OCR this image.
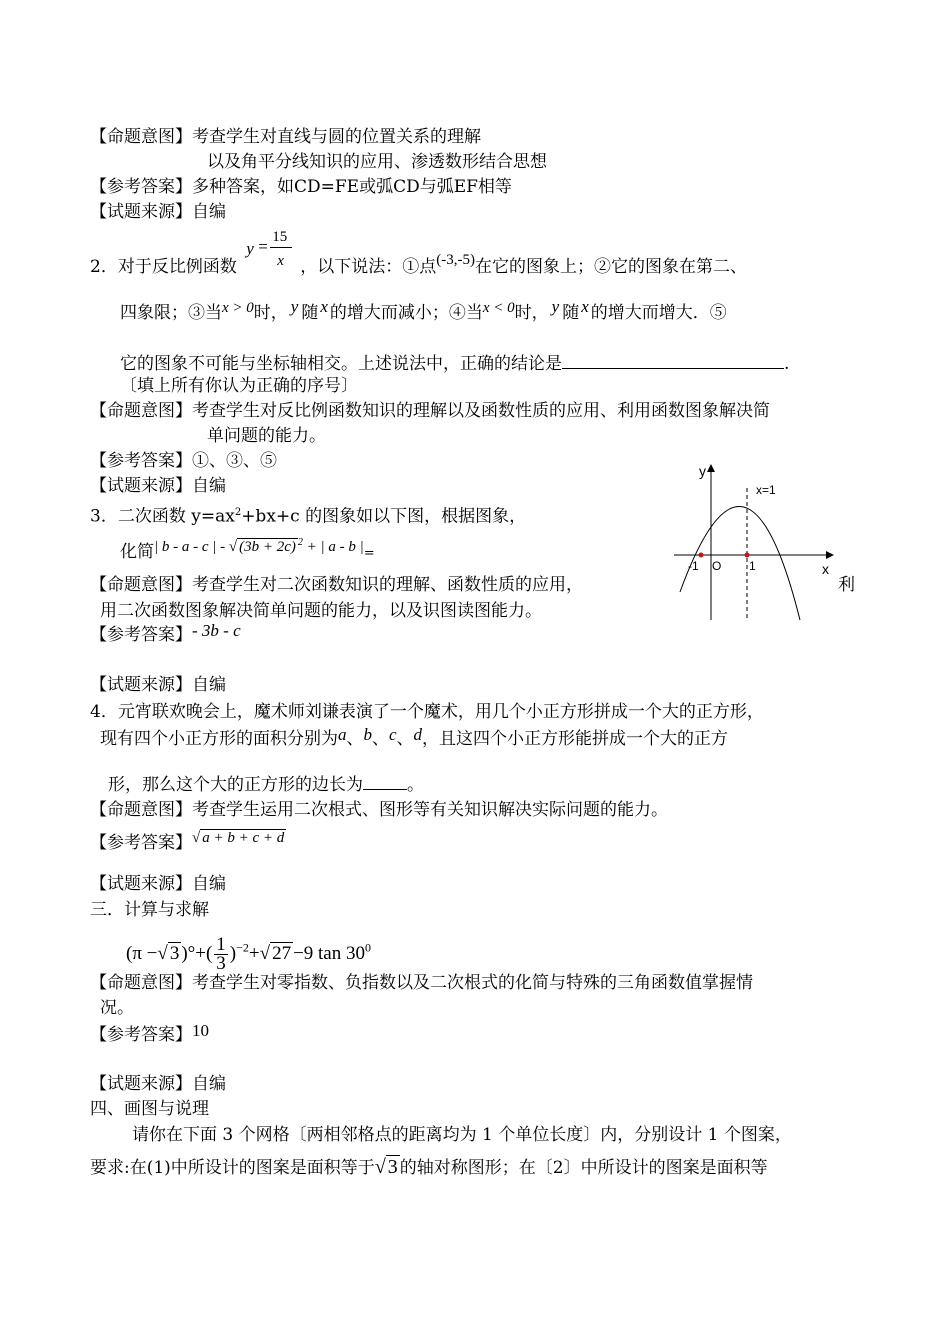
【命题意图】考查学生对直线与圆的位置关系的理解
以及角平分线知识的应用、渗透数形结合思想
【参考答案】多种答案，如CD=FE或弧CD与弧EF相等
【试题来源】自编
2．对于反比例函数
y = 15
x ，以下说法：①点(-3,-5)在它的图象上；②它的图象在第二、
四象限；③当x > 0时， y 随 x 的增大而减小；④当x < 0时， y 随 x 的增大而增大．⑤
它的图象不可能与坐标轴相交。上述说法中，正确的结论是	.
〔填上所有你认为正确的序号〕
【命题意图】考查学生对反比例函数知识的理解以及函数性质的应用、利用函数图象解决简
单问题的能力。
【参考答案】①、③、⑤
【试题来源】自编
3．二次函数 $y=ax^2+bx+c$ 的图象如以下图，根据图象，
化简| b - a - c | - √ (3b + 2c) $^2$ + | a - b |=
【命题意图】考查学生对二次函数知识的理解、函数性质的应用，	利
用二次函数图象解决简单问题的能力，以及识图读图能力。
【参考答案】- 3b - c
【试题来源】自编
y
x
x=1
-1 O 1
4．元宵联欢晚会上，魔术师刘谦表演了一个魔术，用几个小正方形拼成一个大的正方形，
现有四个小正方形的面积分别为a、b、c、d，且这四个小正方形能拼成一个大的正方
形，那么这个大的正方形的边长为	。
【命题意图】考查学生运用二次根式、图形等有关知识解决实际问题的能力。
【参考答案】√ a + b + c + d
【试题来源】自编
三．计算与求解
(π −√ 3 )°+( $\frac{1}{3} )^{-2}+√$ 27 −9 $\tan 30^0$
【命题意图】考查学生对零指数、负指数以及二次根式的化简与特殊的三角函数值掌握情
况。
【参考答案】10
【试题来源】自编
四、画图与说理
请你在下面 3 个网格〔两相邻格点的距离均为 1 个单位长度〕内，分别设计 1 个图案，
要求:在(1)中所设计的图案是面积等于√ 3 的轴对称图形；在〔2〕中所设计的图案是面积等
